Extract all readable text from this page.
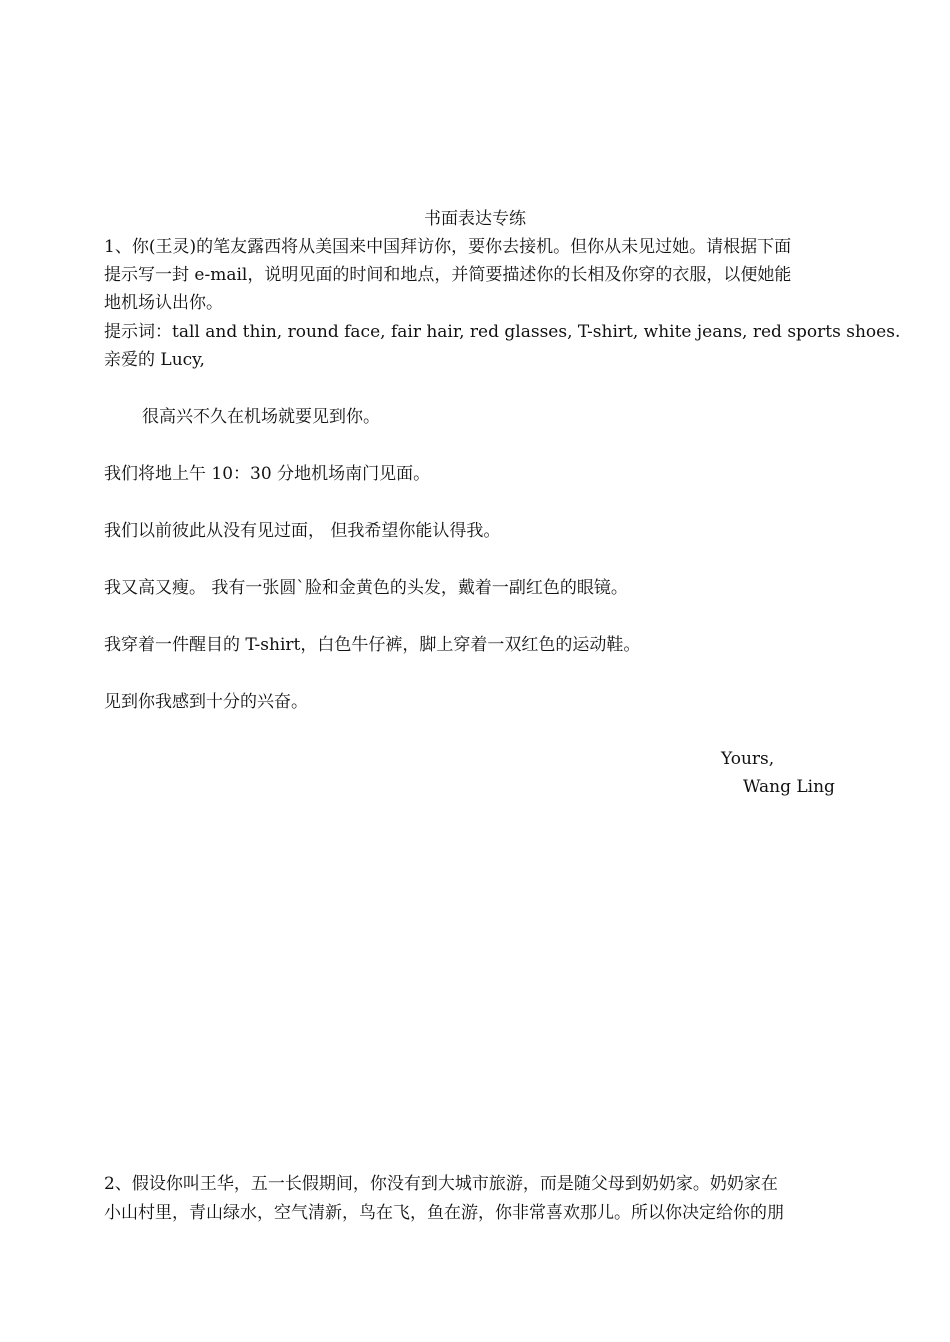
书面表达专练
1、你(王灵)的笔友露西将从美国来中国拜访你，要你去接机。但你从未见过她。请根据下面
提示写一封 e-mail，说明见面的时间和地点，并简要描述你的长相及你穿的衣服，以便她能
地机场认出你。
提示词：tall and thin, round face, fair hair, red glasses, T-shirt, white jeans, red sports shoes.
亲爱的 Lucy,
很高兴不久在机场就要见到你。
我们将地上午 10：30 分地机场南门见面。
我们以前彼此从没有见过面， 但我希望你能认得我。
我又高又瘦。 我有一张圆`脸和金黄色的头发，戴着一副红色的眼镜。
我穿着一件醒目的 T-shirt，白色牛仔裤，脚上穿着一双红色的运动鞋。
见到你我感到十分的兴奋。
Yours,
Wang Ling
2、假设你叫王华，五一长假期间，你没有到大城市旅游，而是随父母到奶奶家。奶奶家在
小山村里，青山绿水，空气清新，鸟在飞，鱼在游，你非常喜欢那儿。所以你决定给你的朋
